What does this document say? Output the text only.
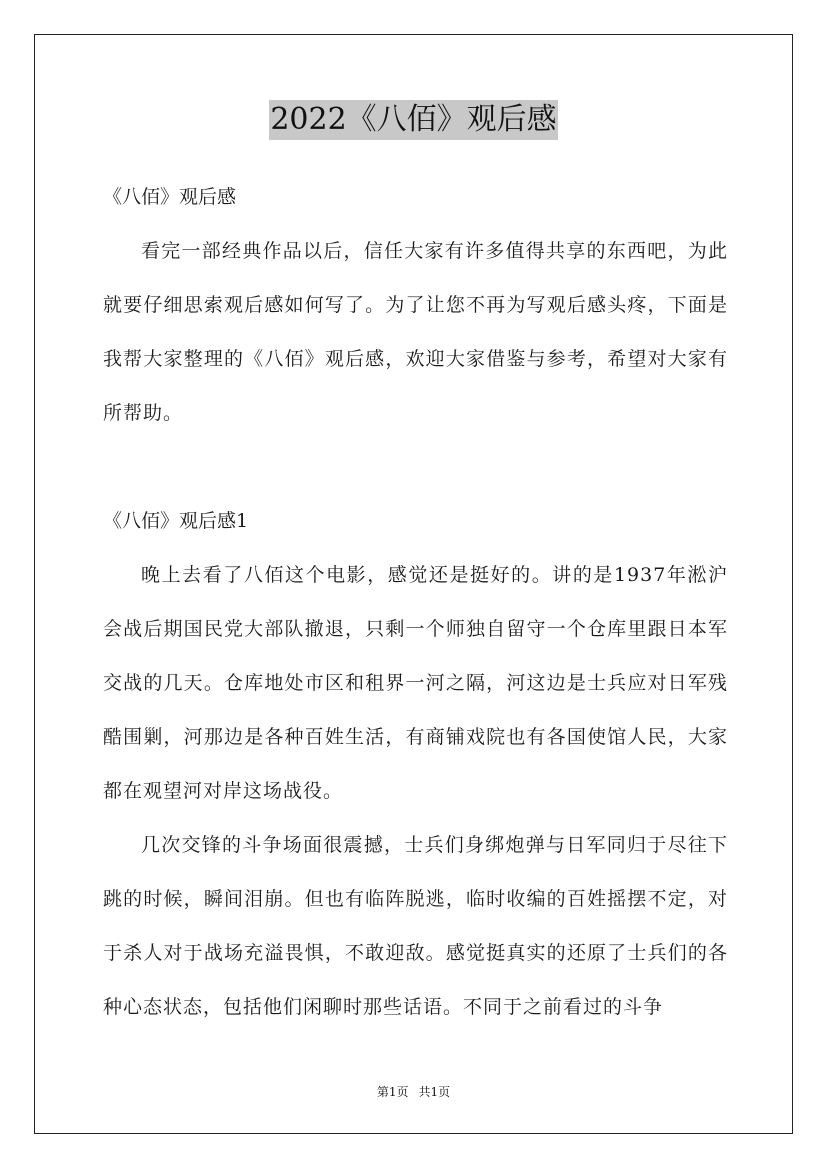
2022《八佰》观后感

《八佰》观后感

看完一部经典作品以后，信任大家有许多值得共享的东西吧，为此就要仔细思索观后感如何写了。为了让您不再为写观后感头疼，下面是我帮大家整理的《八佰》观后感，欢迎大家借鉴与参考，希望对大家有所帮助。

《八佰》观后感1

晚上去看了八佰这个电影，感觉还是挺好的。讲的是1937年淞沪会战后期国民党大部队撤退，只剩一个师独自留守一个仓库里跟日本军交战的几天。仓库地处市区和租界一河之隔，河这边是士兵应对日军残酷围剿，河那边是各种百姓生活，有商铺戏院也有各国使馆人民，大家都在观望河对岸这场战役。

几次交锋的斗争场面很震撼，士兵们身绑炮弹与日军同归于尽往下跳的时候，瞬间泪崩。但也有临阵脱逃，临时收编的百姓摇摆不定，对于杀人对于战场充溢畏惧，不敢迎敌。感觉挺真实的还原了士兵们的各种心态状态，包括他们闲聊时那些话语。不同于之前看过的斗争

第1页 共1页
